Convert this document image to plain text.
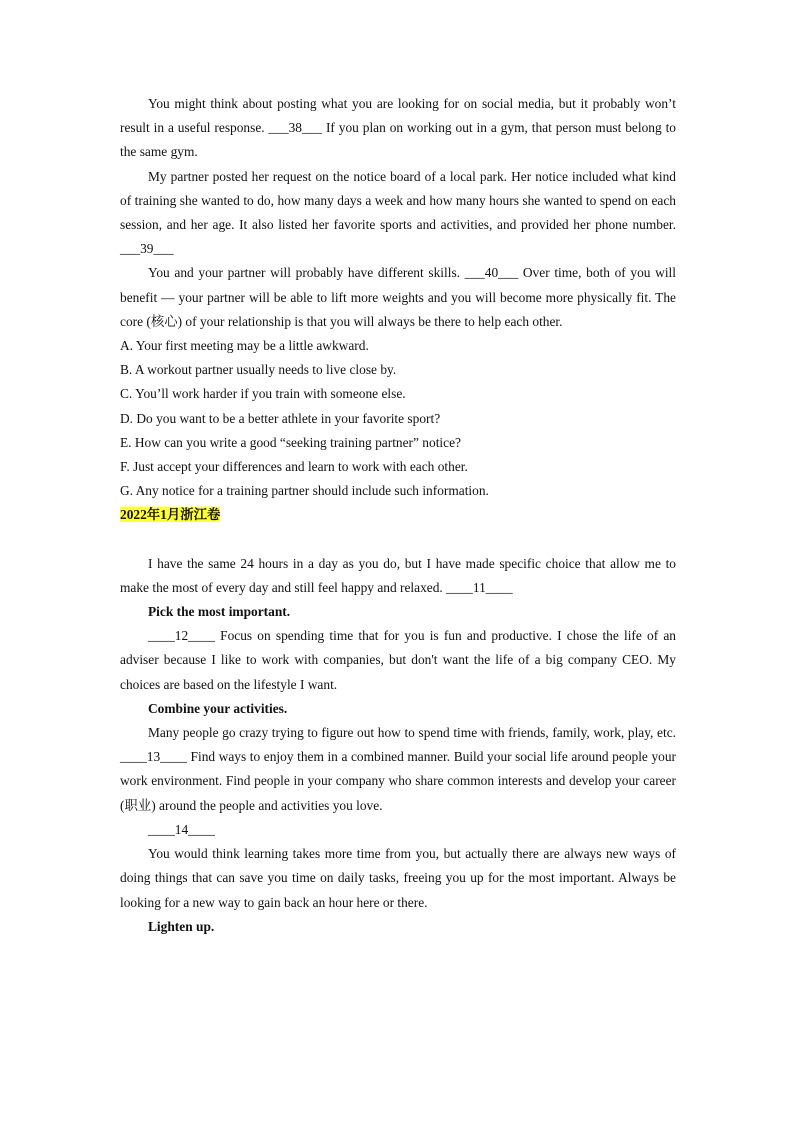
You might think about posting what you are looking for on social media, but it probably won’t result in a useful response. ___38___ If you plan on working out in a gym, that person must belong to the same gym.

My partner posted her request on the notice board of a local park. Her notice included what kind of training she wanted to do, how many days a week and how many hours she wanted to spend on each session, and her age. It also listed her favorite sports and activities, and provided her phone number. ___39___

You and your partner will probably have different skills. ___40___ Over time, both of you will benefit — your partner will be able to lift more weights and you will become more physically fit. The core (核心) of your relationship is that you will always be there to help each other.

A. Your first meeting may be a little awkward.

B. A workout partner usually needs to live close by.

C. You’ll work harder if you train with someone else.

D. Do you want to be a better athlete in your favorite sport?

E. How can you write a good “seeking training partner” notice?

F. Just accept your differences and learn to work with each other.

G. Any notice for a training partner should include such information.

2022年1月浙江卷

I have the same 24 hours in a day as you do, but I have made specific choice that allow me to make the most of every day and still feel happy and relaxed. ____11____

Pick the most important.

____12____ Focus on spending time that for you is fun and productive. I chose the life of an adviser because I like to work with companies, but don't want the life of a big company CEO. My choices are based on the lifestyle I want.

Combine your activities.

Many people go crazy trying to figure out how to spend time with friends, family, work, play, etc. ____13____ Find ways to enjoy them in a combined manner. Build your social life around people your work environment. Find people in your company who share common interests and develop your career (职业) around the people and activities you love.

____14____

You would think learning takes more time from you, but actually there are always new ways of doing things that can save you time on daily tasks, freeing you up for the most important. Always be looking for a new way to gain back an hour here or there.

Lighten up.
